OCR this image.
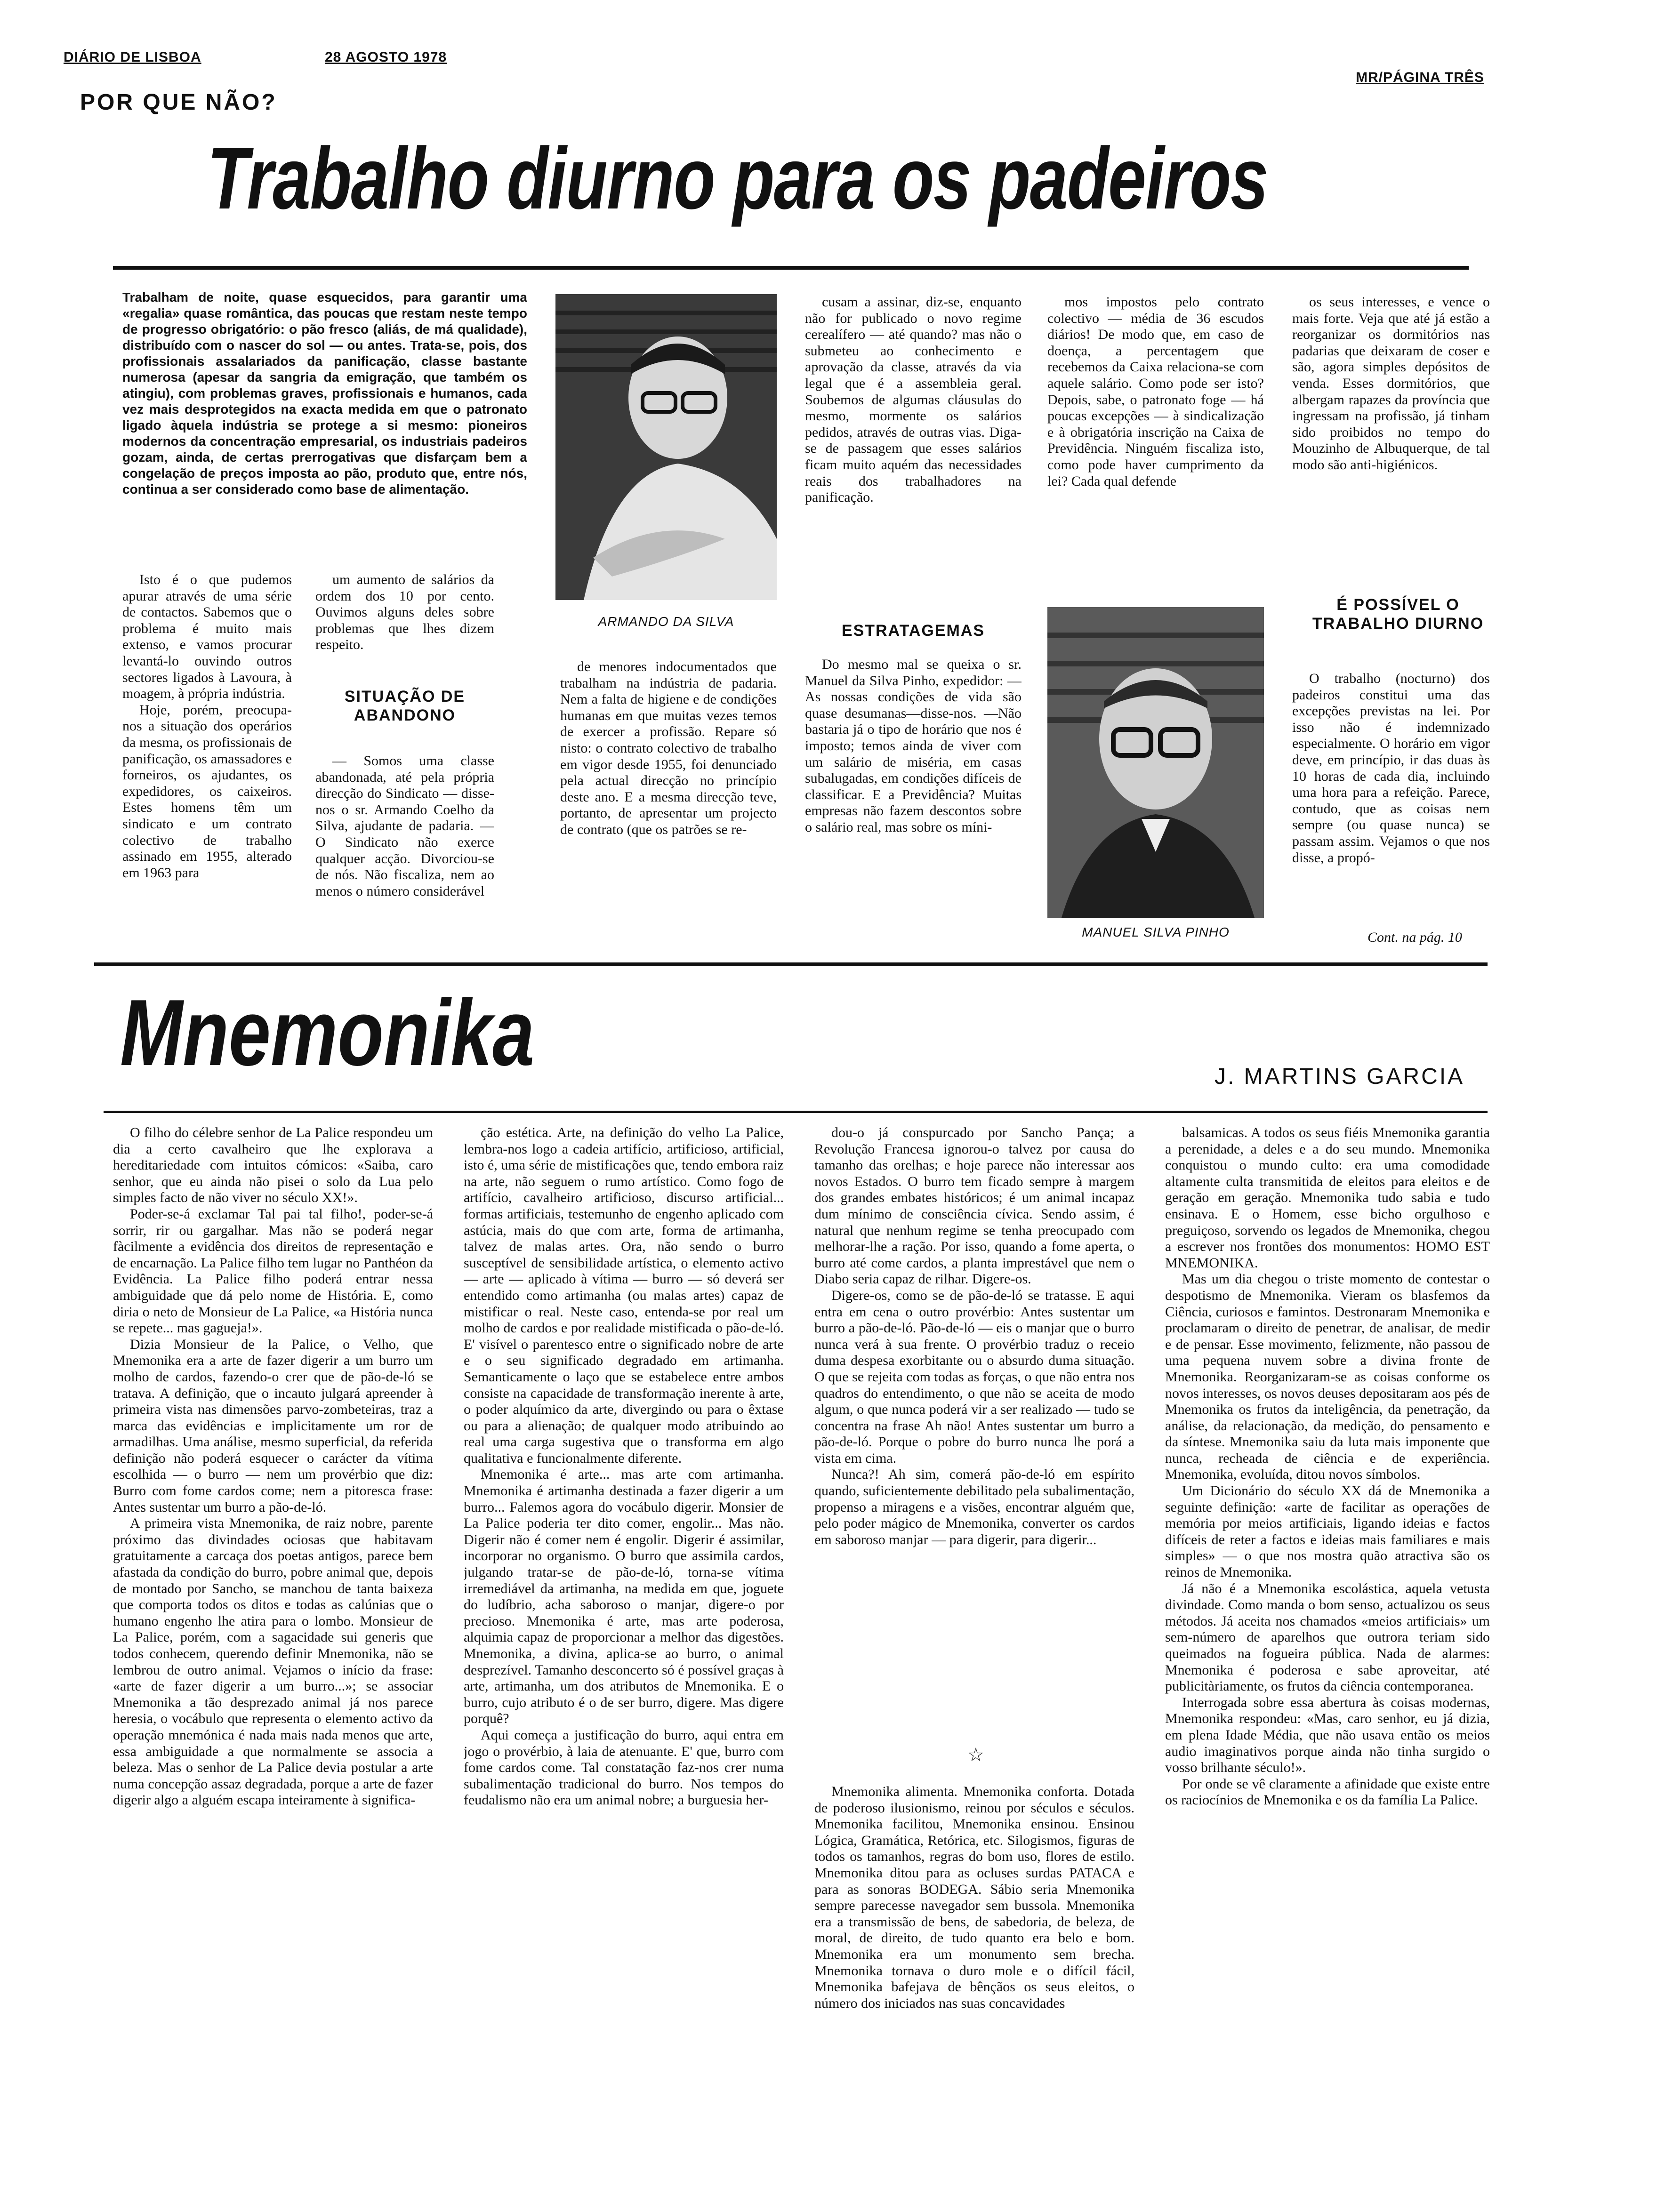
DIÁRIO DE LISBOA	28 AGOSTO 1978
MR/PÁGINA TRÊS
POR QUE NÃO?
Trabalho diurno para os padeiros
Trabalham de noite, quase esquecidos, para garantir uma «regalia» quase romântica, das poucas que restam neste tempo de progresso obrigatório: o pão fresco (aliás, de má qualidade), distribuído com o nascer do sol — ou antes. Trata-se, pois, dos profissionais assalariados da panificação, classe bastante numerosa (apesar da sangria da emigração, que também os atingiu), com problemas graves, profissionais e humanos, cada vez mais desprotegidos na exacta medida em que o patronato ligado àquela indústria se protege a si mesmo: pioneiros modernos da concentração empresarial, os industriais padeiros gozam, ainda, de certas prerrogativas que disfarçam bem a congelação de preços imposta ao pão, produto que, entre nós, continua a ser considerado como base de alimentação.

Isto é o que pudemos apurar através de uma série de contactos. Sabemos que o problema é muito mais extenso, e vamos procurar levantá-lo ouvindo outros sectores ligados à Lavoura, à moagem, à própria indústria.

Hoje, porém, preocupa-nos a situação dos operários da mesma, os profissionais de panificação, os amassadores e forneiros, os ajudantes, os expedidores, os caixeiros. Estes homens têm um sindicato e um contrato colectivo de trabalho assinado em 1955, alterado em 1963 para

um aumento de salários da ordem dos 10 por cento. Ouvimos alguns deles sobre problemas que lhes dizem respeito.

SITUAÇÃO DE ABANDONO

— Somos uma classe abandonada, até pela própria direcção do Sindicato — disse-nos o sr. Armando Coelho da Silva, ajudante de padaria. — O Sindicato não exerce qualquer acção. Divorciou-se de nós. Não fiscaliza, nem ao menos o número considerável

ARMANDO DA SILVA

de menores indocumentados que trabalham na indústria de padaria. Nem a falta de higiene e de condições humanas em que muitas vezes temos de exercer a profissão. Repare só nisto: o contrato colectivo de trabalho em vigor desde 1955, foi denunciado pela actual direcção no princípio deste ano. E a mesma direcção teve, portanto, de apresentar um projecto de contrato (que os patrões se re-

cusam a assinar, diz-se, enquanto não for publicado o novo regime cerealífero — até quando? mas não o submeteu ao conhecimento e aprovação da classe, através da via legal que é a assembleia geral. Soubemos de algumas cláusulas do mesmo, mormente os salários pedidos, através de outras vias. Diga-se de passagem que esses salários ficam muito aquém das necessidades reais dos trabalhadores na panificação.

ESTRATAGEMAS

Do mesmo mal se queixa o sr. Manuel da Silva Pinho, expedidor: — As nossas condições de vida são quase desumanas—disse-nos. —Não bastaria já o tipo de horário que nos é imposto; temos ainda de viver com um salário de miséria, em casas subalugadas, em condições difíceis de classificar. E a Previdência? Muitas empresas não fazem descontos sobre o salário real, mas sobre os míni-

mos impostos pelo contrato colectivo — média de 36 escudos diários! De modo que, em caso de doença, a percentagem que recebemos da Caixa relaciona-se com aquele salário. Como pode ser isto? Depois, sabe, o patronato foge — há poucas excepções — à sindicalização e à obrigatória inscrição na Caixa de Previdência. Ninguém fiscaliza isto, como pode haver cumprimento da lei? Cada qual defende

MANUEL SILVA PINHO

os seus interesses, e vence o mais forte. Veja que até já estão a reorganizar os dormitórios nas padarias que deixaram de coser e são, agora simples depósitos de venda. Esses dormitórios, que albergam rapazes da província que ingressam na profissão, já tinham sido proibidos no tempo do Mouzinho de Albuquerque, de tal modo são anti-higiénicos.

É POSSÍVEL O TRABALHO DIURNO

O trabalho (nocturno) dos padeiros constitui uma das excepções previstas na lei. Por isso não é indemnizado especialmente. O horário em vigor deve, em princípio, ir das duas às 10 horas de cada dia, incluindo uma hora para a refeição. Parece, contudo, que as coisas nem sempre (ou quase nunca) se passam assim. Vejamos o que nos disse, a propó-

Cont. na pág. 10
Mnemonika	J. MARTINS GARCIA

O filho do célebre senhor de La Palice respondeu um dia a certo cavalheiro que lhe explorava a hereditariedade com intuitos cómicos: «Saiba, caro senhor, que eu ainda não pisei o solo da Lua pelo simples facto de não viver no século XX!».

Poder-se-á exclamar Tal pai tal filho!, poder-se-á sorrir, rir ou gargalhar. Mas não se poderá negar fàcilmente a evidência dos direitos de representação e de encarnação. La Palice filho tem lugar no Panthéon da Evidência. La Palice filho poderá entrar nessa ambiguidade que dá pelo nome de História. E, como diria o neto de Monsieur de La Palice, «a História nunca se repete... mas gagueja!».

Dizia Monsieur de la Palice, o Velho, que Mnemonika era a arte de fazer digerir a um burro um molho de cardos, fazendo-o crer que de pão-de-ló se tratava. A definição, que o incauto julgará apreender à primeira vista nas dimensões parvo-zombeteiras, traz a marca das evidências e implicitamente um ror de armadilhas. Uma análise, mesmo superficial, da referida definição não poderá esquecer o carácter da vítima escolhida — o burro — nem um provérbio que diz: Burro com fome cardos come; nem a pitoresca frase: Antes sustentar um burro a pão-de-ló.

A primeira vista Mnemonika, de raiz nobre, parente próximo das divindades ociosas que habitavam gratuitamente a carcaça dos poetas antigos, parece bem afastada da condição do burro, pobre animal que, depois de montado por Sancho, se manchou de tanta baixeza que comporta todos os ditos e todas as calúnias que o humano engenho lhe atira para o lombo. Monsieur de La Palice, porém, com a sagacidade sui generis que todos conhecem, querendo definir Mnemonika, não se lembrou de outro animal. Vejamos o início da frase: «arte de fazer digerir a um burro...»; se associar Mnemonika a tão desprezado animal já nos parece heresia, o vocábulo que representa o elemento activo da operação mnemónica é nada mais nada menos que arte, essa ambiguidade a que normalmente se associa a beleza. Mas o senhor de La Palice devia postular a arte numa concepção assaz degradada, porque a arte de fazer digerir algo a alguém escapa inteiramente à significa-

ção estética. Arte, na definição do velho La Palice, lembra-nos logo a cadeia artifício, artificioso, artificial, isto é, uma série de mistificações que, tendo embora raiz na arte, não seguem o rumo artístico. Como fogo de artifício, cavalheiro artificioso, discurso artificial... formas artificiais, testemunho de engenho aplicado com astúcia, mais do que com arte, forma de artimanha, talvez de malas artes. Ora, não sendo o burro susceptível de sensibilidade artística, o elemento activo — arte — aplicado à vítima — burro — só deverá ser entendido como artimanha (ou malas artes) capaz de mistificar o real. Neste caso, entenda-se por real um molho de cardos e por realidade mistificada o pão-de-ló. E' visível o parentesco entre o significado nobre de arte e o seu significado degradado em artimanha. Semanticamente o laço que se estabelece entre ambos consiste na capacidade de transformação inerente à arte, o poder alquímico da arte, divergindo ou para o êxtase ou para a alienação; de qualquer modo atribuindo ao real uma carga sugestiva que o transforma em algo qualitativa e funcionalmente diferente.

Mnemonika é arte... mas arte com artimanha. Mnemonika é artimanha destinada a fazer digerir a um burro... Falemos agora do vocábulo digerir. Monsier de La Palice poderia ter dito comer, engolir... Mas não. Digerir não é comer nem é engolir. Digerir é assimilar, incorporar no organismo. O burro que assimila cardos, julgando tratar-se de pão-de-ló, torna-se vítima irremediável da artimanha, na medida em que, joguete do ludíbrio, acha saboroso o manjar, digere-o por precioso. Mnemonika é arte, mas arte poderosa, alquimia capaz de proporcionar a melhor das digestões. Mnemonika, a divina, aplica-se ao burro, o animal desprezível. Tamanho desconcerto só é possível graças à arte, artimanha, um dos atributos de Mnemonika. E o burro, cujo atributo é o de ser burro, digere. Mas digere porquê?

Aqui começa a justificação do burro, aqui entra em jogo o provérbio, à laia de atenuante. E' que, burro com fome cardos come. Tal constatação faz-nos crer numa subalimentação tradicional do burro. Nos tempos do feudalismo não era um animal nobre; a burguesia her-

dou-o já conspurcado por Sancho Pança; a Revolução Francesa ignorou-o talvez por causa do tamanho das orelhas; e hoje parece não interessar aos novos Estados. O burro tem ficado sempre à margem dos grandes embates históricos; é um animal incapaz dum mínimo de consciência cívica. Sendo assim, é natural que nenhum regime se tenha preocupado com melhorar-lhe a ração. Por isso, quando a fome aperta, o burro até come cardos, a planta imprestável que nem o Diabo seria capaz de rilhar. Digere-os.

Digere-os, como se de pão-de-ló se tratasse. E aqui entra em cena o outro provérbio: Antes sustentar um burro a pão-de-ló. Pão-de-ló — eis o manjar que o burro nunca verá à sua frente. O provérbio traduz o receio duma despesa exorbitante ou o absurdo duma situação. O que se rejeita com todas as forças, o que não entra nos quadros do entendimento, o que não se aceita de modo algum, o que nunca poderá vir a ser realizado — tudo se concentra na frase Ah não! Antes sustentar um burro a pão-de-ló. Porque o pobre do burro nunca lhe porá a vista em cima.

Nunca?! Ah sim, comerá pão-de-ló em espírito quando, suficientemente debilitado pela subalimentação, propenso a miragens e a visões, encontrar alguém que, pelo poder mágico de Mnemonika, converter os cardos em saboroso manjar — para digerir, para digerir...

☆

Mnemonika alimenta. Mnemonika conforta. Dotada de poderoso ilusionismo, reinou por séculos e séculos. Mnemonika facilitou, Mnemonika ensinou. Ensinou Lógica, Gramática, Retórica, etc. Silogismos, figuras de todos os tamanhos, regras do bom uso, flores de estilo. Mnemonika ditou para as ocluses surdas PATACA e para as sonoras BODEGA. Sábio seria Mnemonika sempre parecesse navegador sem bussola. Mnemonika era a transmissão de bens, de sabedoria, de beleza, de moral, de direito, de tudo quanto era belo e bom. Mnemonika era um monumento sem brecha. Mnemonika tornava o duro mole e o difícil fácil, Mnemonika bafejava de bênçãos os seus eleitos, o número dos iniciados nas suas concavidades

balsamicas. A todos os seus fiéis Mnemonika garantia a perenidade, a deles e a do seu mundo. Mnemonika conquistou o mundo culto: era uma comodidade altamente culta transmitida de eleitos para eleitos e de geração em geração. Mnemonika tudo sabia e tudo ensinava. E o Homem, esse bicho orgulhoso e preguiçoso, sorvendo os legados de Mnemonika, chegou a escrever nos frontões dos monumentos: HOMO EST MNEMONIKA.

Mas um dia chegou o triste momento de contestar o despotismo de Mnemonika. Vieram os blasfemos da Ciência, curiosos e famintos. Destronaram Mnemonika e proclamaram o direito de penetrar, de analisar, de medir e de pensar. Esse movimento, felizmente, não passou de uma pequena nuvem sobre a divina fronte de Mnemonika. Reorganizaram-se as coisas conforme os novos interesses, os novos deuses depositaram aos pés de Mnemonika os frutos da inteligência, da penetração, da análise, da relacionação, da medição, do pensamento e da síntese. Mnemonika saiu da luta mais imponente que nunca, recheada de ciência e de experiência. Mnemonika, evoluída, ditou novos símbolos.

Um Dicionário do século XX dá de Mnemonika a seguinte definição: «arte de facilitar as operações de memória por meios artificiais, ligando ideias e factos difíceis de reter a factos e ideias mais familiares e mais simples» — o que nos mostra quão atractiva são os reinos de Mnemonika.

Já não é a Mnemonika escolástica, aquela vetusta divindade. Como manda o bom senso, actualizou os seus métodos. Já aceita nos chamados «meios artificiais» um sem-número de aparelhos que outrora teriam sido queimados na fogueira pública. Nada de alarmes: Mnemonika é poderosa e sabe aproveitar, até publicitàriamente, os frutos da ciência contemporanea.

Interrogada sobre essa abertura às coisas modernas, Mnemonika respondeu: «Mas, caro senhor, eu já dizia, em plena Idade Média, que não usava então os meios audio imaginativos porque ainda não tinha surgido o vosso brilhante século!».

Por onde se vê claramente a afinidade que existe entre os raciocínios de Mnemonika e os da família La Palice.
